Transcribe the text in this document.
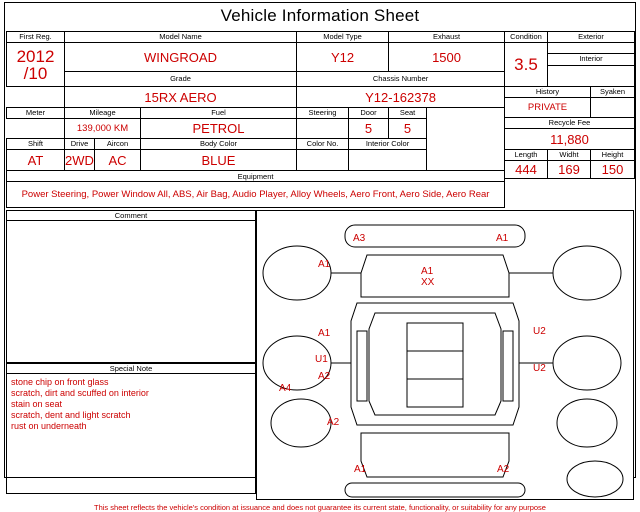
Vehicle Information Sheet
First Reg.	Model Name			Model Type		Exhaust	

2012
/10	WINGROAD			Y12		1500	
	Grade			Chassis Number			
	15RX AERO			Y12-162378			
Meter	Mileage		Fuel	Steering	Door	Seat	
	139,000 KM		PETROL		5	5	
Shift	Drive	Aircon	Body Color	Color No.	Interior Color		
AT	2WD	AC	BLUE				
Equipment							
Power Steering, Power Window All, ABS, Air Bag, Audio Player, Alloy Wheels, Aero Front, Aero Side, Aero Rear							
Condition	Exterior	
3.5		
	Interior	

History		Syaken
PRIVATE		
Recycle Fee		
11,880		
Length	Widht	Height
444	169	150
Comment
Special Note
stone chip on front glass
scratch, dirt and scuffed on interior
stain on seat
scratch, dent and light scratch
rust on underneath
A3	A1
A1
A1
XX
A1	U2
U1
A2
U2
A4
A2
A1	A2
This sheet reflects the vehicle's condition at issuance and does not guarantee its current state, functionality, or suitability for any purpose
